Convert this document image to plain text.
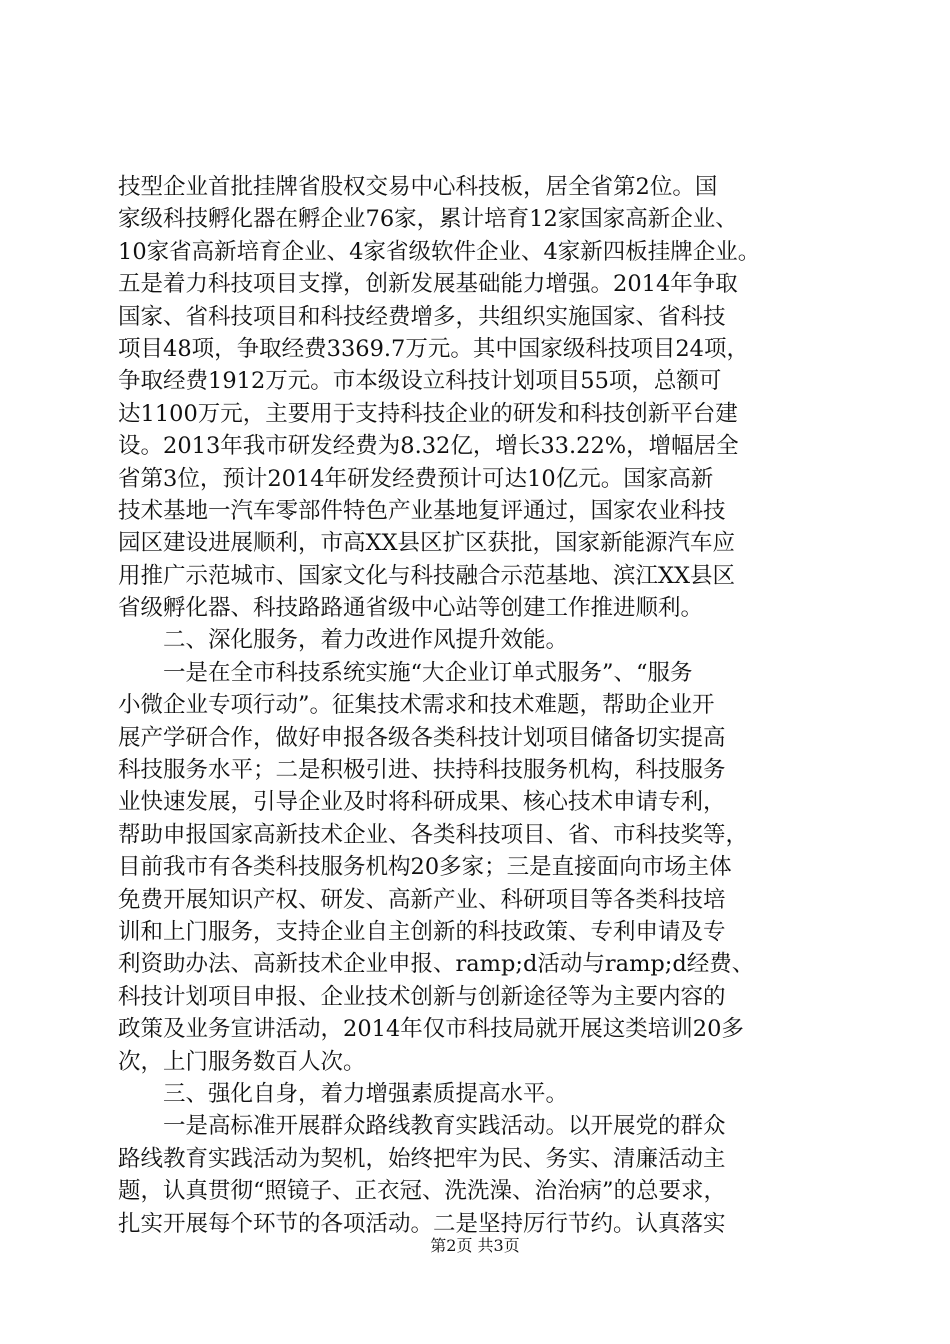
技型企业首批挂牌省股权交易中心科技板，居全省第2位。国
家级科技孵化器在孵企业76家，累计培育12家国家高新企业、
10家省高新培育企业、4家省级软件企业、4家新四板挂牌企业。
五是着力科技项目支撑，创新发展基础能力增强。2014年争取
国家、省科技项目和科技经费增多，共组织实施国家、省科技
项目48项，争取经费3369.7万元。其中国家级科技项目24项，
争取经费1912万元。市本级设立科技计划项目55项，总额可
达1100万元，主要用于支持科技企业的研发和科技创新平台建
设。2013年我市研发经费为8.32亿，增长33.22%，增幅居全
省第3位，预计2014年研发经费预计可达10亿元。国家高新
技术基地一汽车零部件特色产业基地复评通过，国家农业科技
园区建设进展顺利，市高XX县区扩区获批，国家新能源汽车应
用推广示范城市、国家文化与科技融合示范基地、滨江XX县区
省级孵化器、科技路路通省级中心站等创建工作推进顺利。
二、深化服务，着力改进作风提升效能。
一是在全市科技系统实施“大企业订单式服务”、“服务
小微企业专项行动”。征集技术需求和技术难题，帮助企业开
展产学研合作，做好申报各级各类科技计划项目储备切实提高
科技服务水平；二是积极引进、扶持科技服务机构，科技服务
业快速发展，引导企业及时将科研成果、核心技术申请专利，
帮助申报国家高新技术企业、各类科技项目、省、市科技奖等，
目前我市有各类科技服务机构20多家；三是直接面向市场主体
免费开展知识产权、研发、高新产业、科研项目等各类科技培
训和上门服务，支持企业自主创新的科技政策、专利申请及专
利资助办法、高新技术企业申报、ramp;d活动与ramp;d经费、
科技计划项目申报、企业技术创新与创新途径等为主要内容的
政策及业务宣讲活动，2014年仅市科技局就开展这类培训20多
次，上门服务数百人次。
三、强化自身，着力增强素质提高水平。
一是高标准开展群众路线教育实践活动。以开展党的群众
路线教育实践活动为契机，始终把牢为民、务实、清廉活动主
题，认真贯彻“照镜子、正衣冠、洗洗澡、治治病”的总要求，
扎实开展每个环节的各项活动。二是坚持厉行节约。认真落实
第2页 共3页
